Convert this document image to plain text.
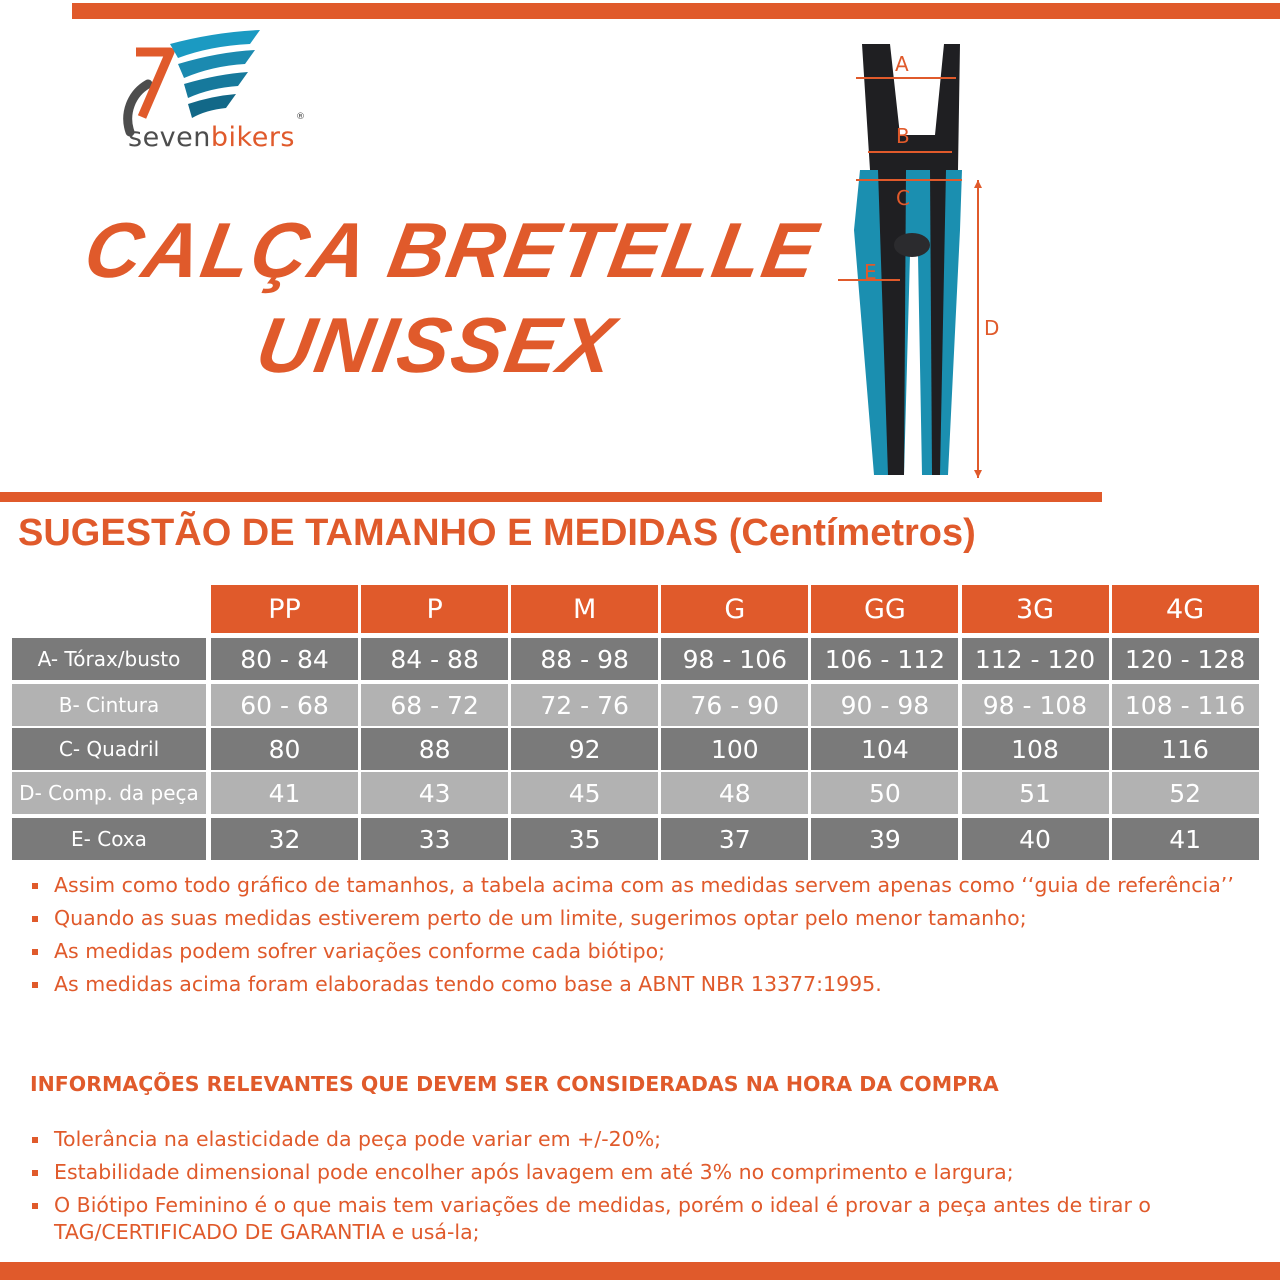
sevenbikers
®
CALÇA BRETELLE
UNISSEX
A
B
C
E
D
SUGESTÃO DE TAMANHO E MEDIDAS (Centímetros)
PP	P	M	G	GG	3G	4G
A- Tórax/busto	80 - 84	84 - 88	88 - 98	98 - 106	106 - 112	112 - 120	120 - 128
B- Cintura	60 - 68	68 - 72	72 - 76	76 - 90	90 - 98	98 - 108	108 - 116
C- Quadril	80	88	92	100	104	108	116
D- Comp. da peça	41	43	45	48	50	51	52
E- Coxa	32	33	35	37	39	40	41
Assim como todo gráfico de tamanhos, a tabela acima com as medidas servem apenas como ‘‘guia de referência’’
Quando as suas medidas estiverem perto de um limite, sugerimos optar pelo menor tamanho;
As medidas podem sofrer variações conforme cada biótipo;
As medidas acima foram elaboradas tendo como base a ABNT NBR 13377:1995.
INFORMAÇÕES RELEVANTES QUE DEVEM SER CONSIDERADAS NA HORA DA COMPRA
Tolerância na elasticidade da peça pode variar em +/-20%;
Estabilidade dimensional pode encolher após lavagem em até 3% no comprimento e largura;
O Biótipo Feminino é o que mais tem variações de medidas, porém o ideal é provar a peça antes de tirar o TAG/CERTIFICADO DE GARANTIA e usá-la;
